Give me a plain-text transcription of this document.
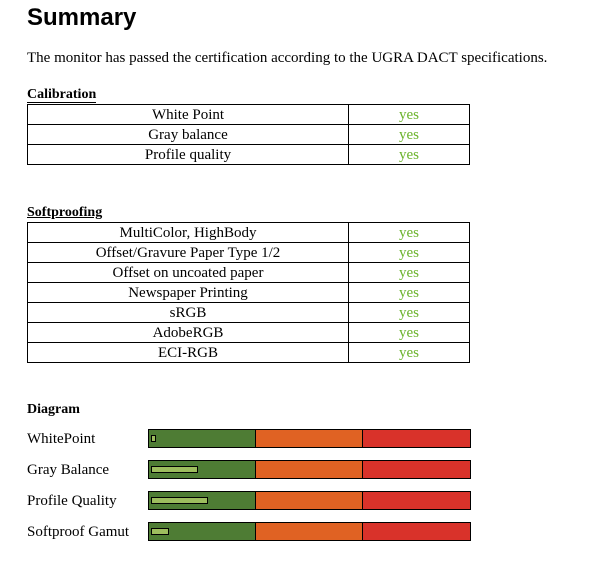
Summary
The monitor has passed the certification according to the UGRA DACT specifications.
Calibration
White Point	yes
Gray balance	yes
Profile quality	yes
Softproofing
MultiColor, HighBody	yes
Offset/Gravure Paper Type 1/2	yes
Offset on uncoated paper	yes
Newspaper Printing	yes
sRGB	yes
AdobeRGB	yes
ECI-RGB	yes
Diagram
WhitePoint
Gray Balance
Profile Quality
Softproof Gamut
